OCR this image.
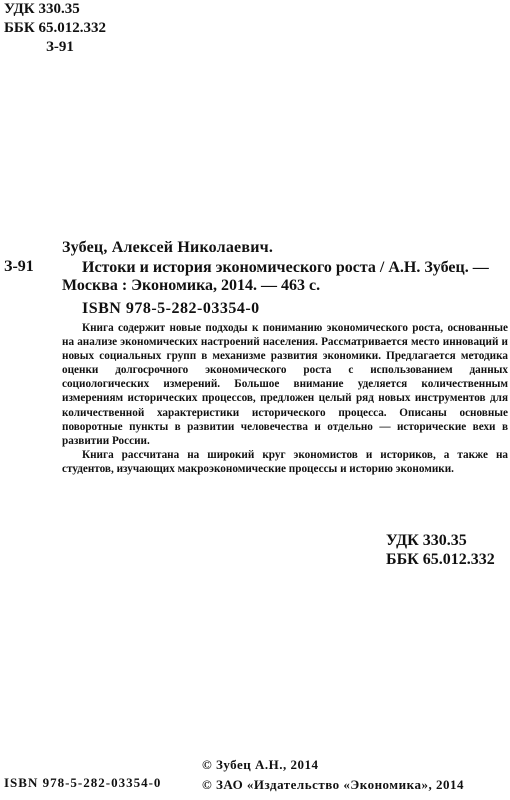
УДК 330.35
ББК 65.012.332
З-91
Зубец, Алексей Николаевич.
З-91	Истоки и история экономического роста / А.Н. Зубец. —
Москва : Экономика, 2014. — 463 с.
ISBN 978-5-282-03354-0

Книга содержит новые подходы к пониманию экономического роста, основанные на анализе экономических настроений населения. Рассматривается место инноваций и новых социальных групп в механизме развития экономики. Предлагается методика оценки долгосрочного экономического роста с использованием данных социологических измерений. Большое внимание уделяется количественным измерениям исторических процессов, предложен целый ряд новых инструментов для количественной характеристики исторического процесса. Описаны основные поворотные пункты в развитии человечества и отдельно — исторические вехи в развитии России.

Книга рассчитана на широкий круг экономистов и историков, а также на студентов, изучающих макроэкономические процессы и историю экономики.

УДК 330.35
ББК 65.012.332
© Зубец А.Н., 2014
© ЗАО «Издательство «Экономика», 2014
ISBN 978-5-282-03354-0
